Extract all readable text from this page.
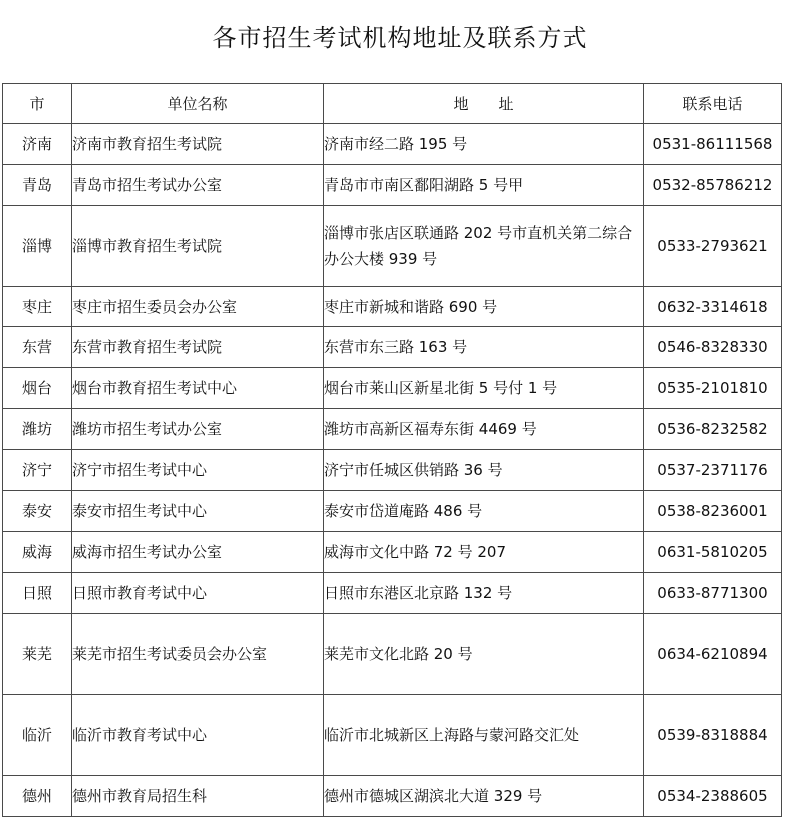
各市招生考试机构地址及联系方式
市	单位名称	地　　址	联系电话
济南	济南市教育招生考试院	济南市经二路 195 号	0531-86111568
青岛	青岛市招生考试办公室	青岛市市南区鄱阳湖路 5 号甲	0532-85786212
淄博	淄博市教育招生考试院	淄博市张店区联通路 202 号市直机关第二综合办公大楼 939 号	0533-2793621
枣庄	枣庄市招生委员会办公室	枣庄市新城和谐路 690 号	0632-3314618
东营	东营市教育招生考试院	东营市东三路 163 号	0546-8328330
烟台	烟台市教育招生考试中心	烟台市莱山区新星北街 5 号付 1 号	0535-2101810
潍坊	潍坊市招生考试办公室	潍坊市高新区福寿东街 4469 号	0536-8232582
济宁	济宁市招生考试中心	济宁市任城区供销路 36 号	0537-2371176
泰安	泰安市招生考试中心	泰安市岱道庵路 486 号	0538-8236001
威海	威海市招生考试办公室	威海市文化中路 72 号 207	0631-5810205
日照	日照市教育考试中心	日照市东港区北京路 132 号	0633-8771300
莱芜	莱芜市招生考试委员会办公室	莱芜市文化北路 20 号	0634-6210894
临沂	临沂市教育考试中心	临沂市北城新区上海路与蒙河路交汇处	0539-8318884
德州	德州市教育局招生科	德州市德城区湖滨北大道 329 号	0534-2388605
